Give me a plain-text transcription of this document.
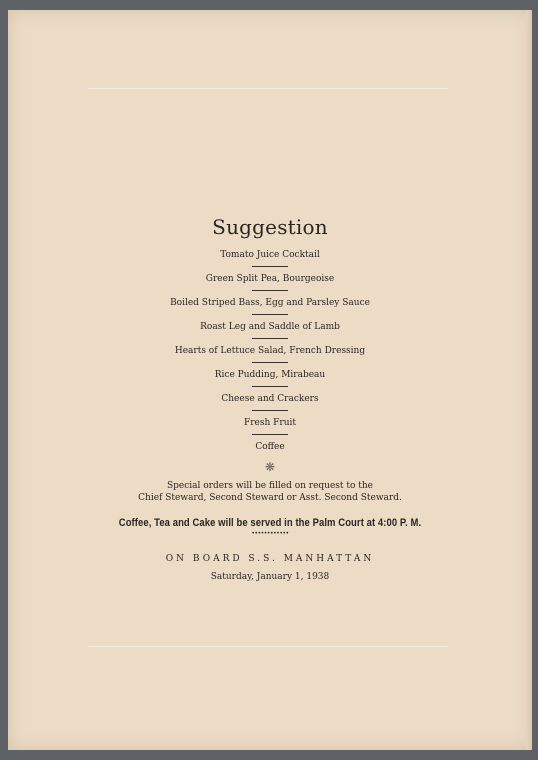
Suggestion
Tomato Juice Cocktail
Green Split Pea, Bourgeoise
Boiled Striped Bass, Egg and Parsley Sauce
Roast Leg and Saddle of Lamb
Hearts of Lettuce Salad, French Dressing
Rice Pudding, Mirabeau
Cheese and Crackers
Fresh Fruit
Coffee
❋
Special orders will be filled on request to the
Chief Steward, Second Steward or Asst. Second Steward.
Coffee, Tea and Cake will be served in the Palm Court at 4:00 P. M.
••••••••••••
ON BOARD S.S. MANHATTAN
Saturday, January 1, 1938
